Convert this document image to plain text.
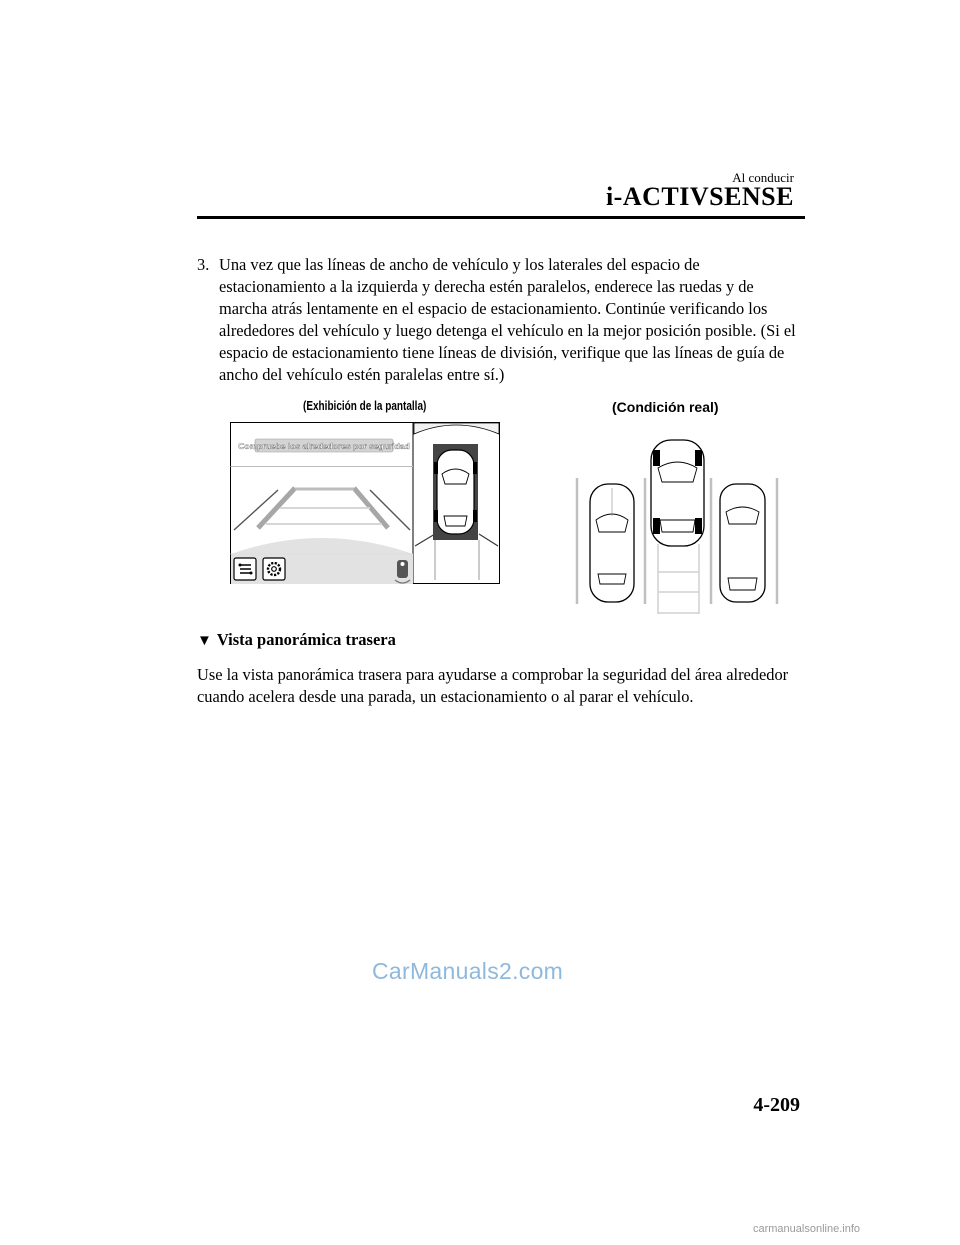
Al conducir
i-ACTIVSENSE
3. Una vez que las líneas de ancho de vehículo y los laterales del espacio de estacionamiento a la izquierda y derecha estén paralelos, enderece las ruedas y de marcha atrás lentamente en el espacio de estacionamiento. Continúe verificando los alrededores del vehículo y luego detenga el vehículo en la mejor posición posible. (Si el espacio de estacionamiento tiene líneas de división, verifique que las líneas de guía de ancho del vehículo estén paralelas entre sí.)
(Exhibición de la pantalla)	(Condición real)
Compruebe los alrededores por seguridad
▼ Vista panorámica trasera
Use la vista panorámica trasera para ayudarse a comprobar la seguridad del área alrededor cuando acelera desde una parada, un estacionamiento o al parar el vehículo.
CarManuals2.com
4-209
carmanualsonline.info
